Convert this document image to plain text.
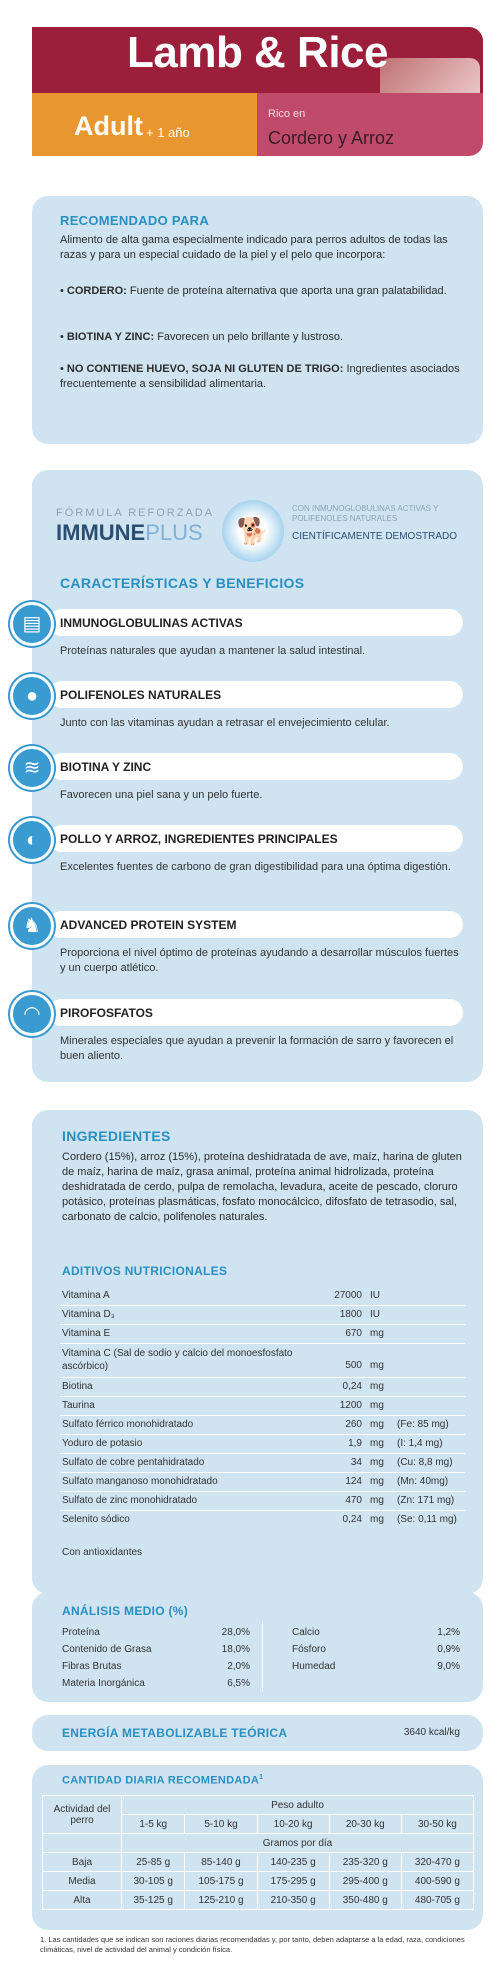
Lamb & Rice
Adult + 1 año
Rico en
Cordero y Arroz
RECOMENDADO PARA
Alimento de alta gama especialmente indicado para perros adultos de todas las razas y para un especial cuidado de la piel y el pelo que incorpora:
• CORDERO: Fuente de proteína alternativa que aporta una gran palatabilidad.
• BIOTINA Y ZINC: Favorecen un pelo brillante y lustroso.
• NO CONTIENE HUEVO, SOJA NI GLUTEN DE TRIGO: Ingredientes asociados frecuentemente a sensibilidad alimentaria.
FÓRMULA REFORZADA
IMMUNEPLUS	🐕
CON INMUNOGLOBULINAS ACTIVAS Y POLIFENOLES NATURALES
CIENTÍFICAMENTE DEMOSTRADO
CARACTERÍSTICAS Y BENEFICIOS
▤	INMUNOGLOBULINAS ACTIVAS
Proteínas naturales que ayudan a mantener la salud intestinal.
●	POLIFENOLES NATURALES
Junto con las vitaminas ayudan a retrasar el envejecimiento celular.
≋	BIOTINA Y ZINC
Favorecen una piel sana y un pelo fuerte.
◐	POLLO Y ARROZ, INGREDIENTES PRINCIPALES
Excelentes fuentes de carbono de gran digestibilidad para una óptima digestión.
♞	ADVANCED PROTEIN SYSTEM
Proporciona el nivel óptimo de proteínas ayudando a desarrollar músculos fuertes y un cuerpo atlético.
◠	PIROFOSFATOS
Minerales especiales que ayudan a prevenir la formación de sarro y favorecen el buen aliento.
INGREDIENTES
Cordero (15%), arroz (15%), proteína deshidratada de ave, maíz, harina de gluten de maíz, harina de maíz, grasa animal, proteína animal hidrolizada, proteína deshidratada de cerdo, pulpa de remolacha, levadura, aceite de pescado, cloruro potásico, proteínas plasmáticas, fosfato monocálcico, difosfato de tetrasodio, sal, carbonato de calcio, polifenoles naturales.
ADITIVOS NUTRICIONALES
Vitamina A	27000 IU
Vitamina D₃	1800 IU
Vitamina E	670 mg
Vitamina C (Sal de sodio y calcio del monoesfosfato ascórbico)	500 mg
Biotina	0,24 mg
Taurina	1200 mg
Sulfato férrico monohidratado	260 mg (Fe: 85 mg)
Yoduro de potasio	1,9 mg (I: 1,4 mg)
Sulfato de cobre pentahidratado	34 mg (Cu: 8,8 mg)
Sulfato manganoso monohidratado	124 mg (Mn: 40mg)
Sulfato de zinc monohidratado	470 mg (Zn: 171 mg)
Selenito sódico	0,24 mg (Se: 0,11 mg)
Con antioxidantes
ANÁLISIS MEDIO (%)
Proteína	28,0%
Contenido de Grasa	18,0%
Fibras Brutas	2,0%
Materia Inorgánica	6,5%
Calcio	1,2%
Fósforo	0,9%
Humedad	9,0%
ENERGÍA METABOLIZABLE TEÓRICA	3640 kcal/kg
CANTIDAD DIARIA RECOMENDADA$^1$
Actividad del perro	Peso adulto				
	1-5 kg	5-10 kg	10-20 kg	20-30 kg	30-50 kg
	Gramos por día				
Baja	25-85 g	85-140 g	140-235 g	235-320 g	320-470 g
Media	30-105 g	105-175 g	175-295 g	295-400 g	400-590 g
Alta	35-125 g	125-210 g	210-350 g	350-480 g	480-705 g
1. Las cantidades que se indican son raciones diarias recomendadas y, por tanto, deben adaptarse a la edad, raza, condiciones climáticas, nivel de actividad del animal y condición física.
